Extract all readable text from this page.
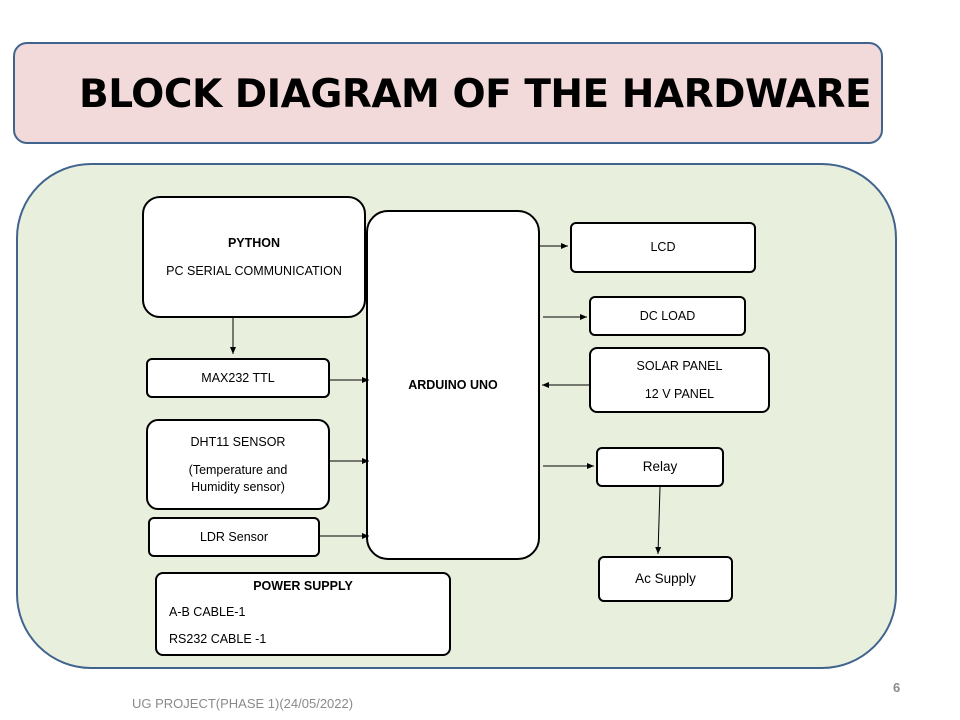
BLOCK DIAGRAM OF THE HARDWARE
PYTHON
PC SERIAL COMMUNICATION
MAX232 TTL
DHT11 SENSOR
(Temperature and
Humidity sensor)
LDR Sensor
POWER SUPPLY
A-B CABLE-1
RS232 CABLE -1
ARDUINO UNO
LCD
DC LOAD
SOLAR PANEL
12 V PANEL
Relay
Ac Supply
UG PROJECT(PHASE 1)(24/05/2022)
6
